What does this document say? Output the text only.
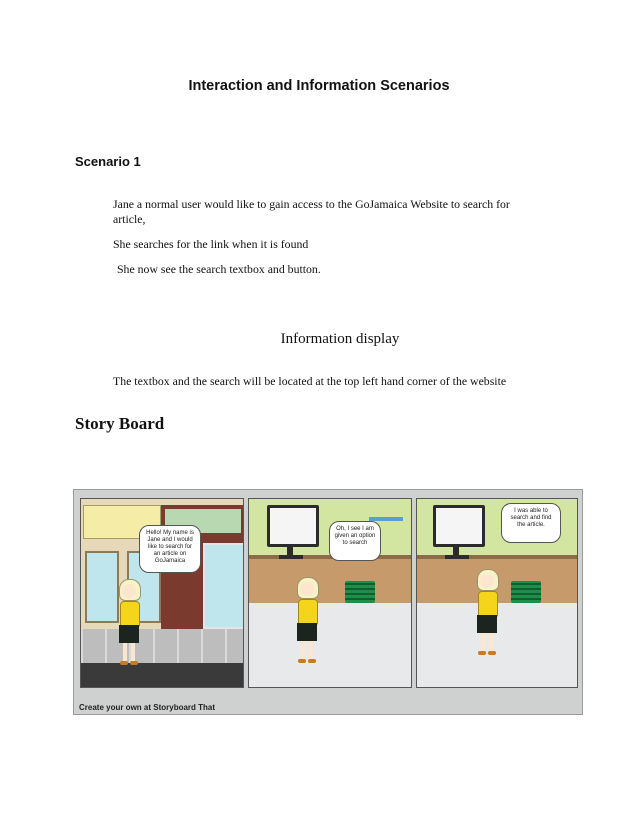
Interaction and Information Scenarios
Scenario 1
Jane a normal user would like to gain access to the GoJamaica Website to search for article,
She searches for the link when it is found
She now see the search textbox and button.
Information display
The textbox and the search will be located at the top left hand corner of the website
Story Board
Hello! My name is Jane and I would like to search for an article on GoJamaica
Oh, I see I am given an option to search
I was able to search and find the article.
Create your own at Storyboard That
